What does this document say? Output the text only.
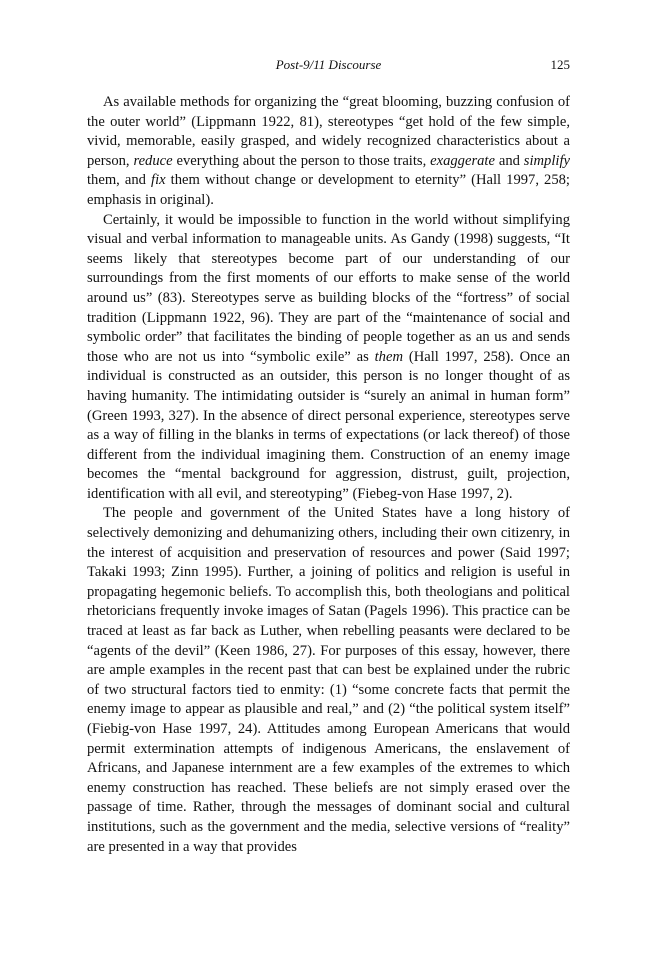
Post-9/11 Discourse	125

As available methods for organizing the “great blooming, buzzing confusion of the outer world” (Lippmann 1922, 81), stereotypes “get hold of the few simple, vivid, memorable, easily grasped, and widely recognized characteristics about a person, reduce everything about the person to those traits, exaggerate and simplify them, and fix them without change or development to eternity” (Hall 1997, 258; emphasis in original).

Certainly, it would be impossible to function in the world without simplifying visual and verbal information to manageable units. As Gandy (1998) suggests, “It seems likely that stereotypes become part of our understanding of our surroundings from the first moments of our efforts to make sense of the world around us” (83). Stereotypes serve as building blocks of the “fortress” of social tradition (Lippmann 1922, 96). They are part of the “maintenance of social and symbolic order” that facilitates the binding of people together as an us and sends those who are not us into “symbolic exile” as them (Hall 1997, 258). Once an individual is constructed as an outsider, this person is no longer thought of as having humanity. The intimidating outsider is “surely an animal in human form” (Green 1993, 327). In the absence of direct personal experience, stereotypes serve as a way of filling in the blanks in terms of expectations (or lack thereof) of those different from the individual imagining them. Construction of an enemy image becomes the “mental background for aggression, distrust, guilt, projection, identification with all evil, and stereotyping” (Fiebeg-von Hase 1997, 2).

The people and government of the United States have a long history of selectively demonizing and dehumanizing others, including their own citizenry, in the interest of acquisition and preservation of resources and power (Said 1997; Takaki 1993; Zinn 1995). Further, a joining of politics and religion is useful in propagating hegemonic beliefs. To accomplish this, both theologians and political rhetoricians frequently invoke images of Satan (Pagels 1996). This practice can be traced at least as far back as Luther, when rebelling peasants were declared to be “agents of the devil” (Keen 1986, 27). For purposes of this essay, however, there are ample examples in the recent past that can best be explained under the rubric of two structural factors tied to enmity: (1) “some concrete facts that permit the enemy image to appear as plausible and real,” and (2) “the political system itself” (Fiebig-von Hase 1997, 24). Attitudes among European Americans that would permit extermination attempts of indigenous Americans, the enslavement of Africans, and Japanese internment are a few examples of the extremes to which enemy construction has reached. These beliefs are not simply erased over the passage of time. Rather, through the messages of dominant social and cultural institutions, such as the government and the media, selective versions of “reality” are presented in a way that provides
